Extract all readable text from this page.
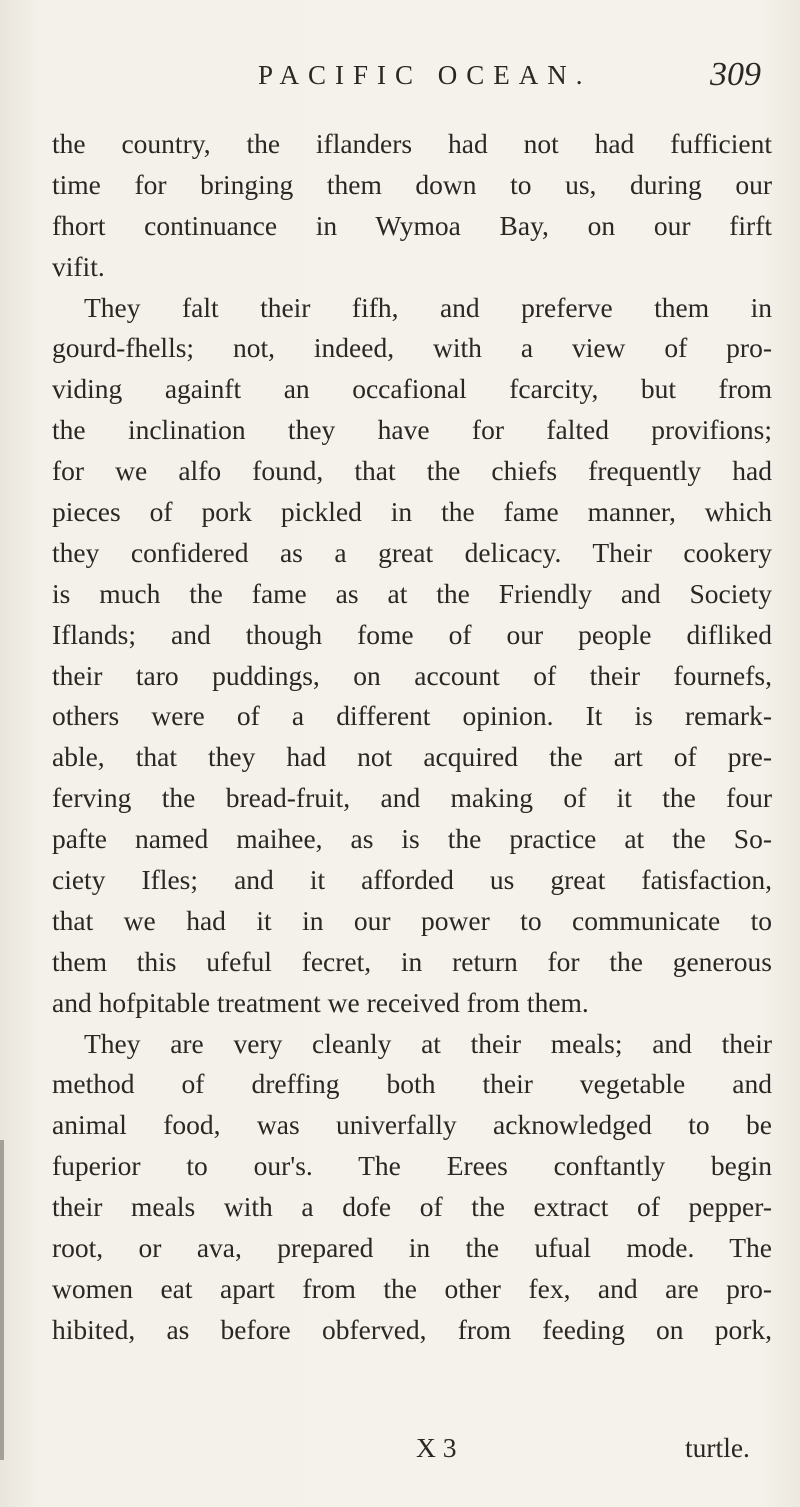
PACIFIC OCEAN.	309
the country, the iflanders had not had fufficient
time for bringing them down to us, during our
fhort continuance in Wymoa Bay, on our firft
vifit.
They falt their fifh, and preferve them in
gourd-fhells; not, indeed, with a view of pro-
viding againft an occafional fcarcity, but from
the inclination they have for falted provifions;
for we alfo found, that the chiefs frequently had
pieces of pork pickled in the fame manner, which
they confidered as a great delicacy. Their cookery
is much the fame as at the Friendly and Society
Iflands; and though fome of our people difliked
their taro puddings, on account of their fournefs,
others were of a different opinion. It is remark-
able, that they had not acquired the art of pre-
ferving the bread-fruit, and making of it the four
pafte named maihee, as is the practice at the So-
ciety Ifles; and it afforded us great fatisfaction,
that we had it in our power to communicate to
them this ufeful fecret, in return for the generous
and hofpitable treatment we received from them.
They are very cleanly at their meals; and their
method of dreffing both their vegetable and
animal food, was univerfally acknowledged to be
fuperior to our's. The Erees conftantly begin
their meals with a dofe of the extract of pepper-
root, or ava, prepared in the ufual mode. The
women eat apart from the other fex, and are pro-
hibited, as before obferved, from feeding on pork,
X 3	turtle.
